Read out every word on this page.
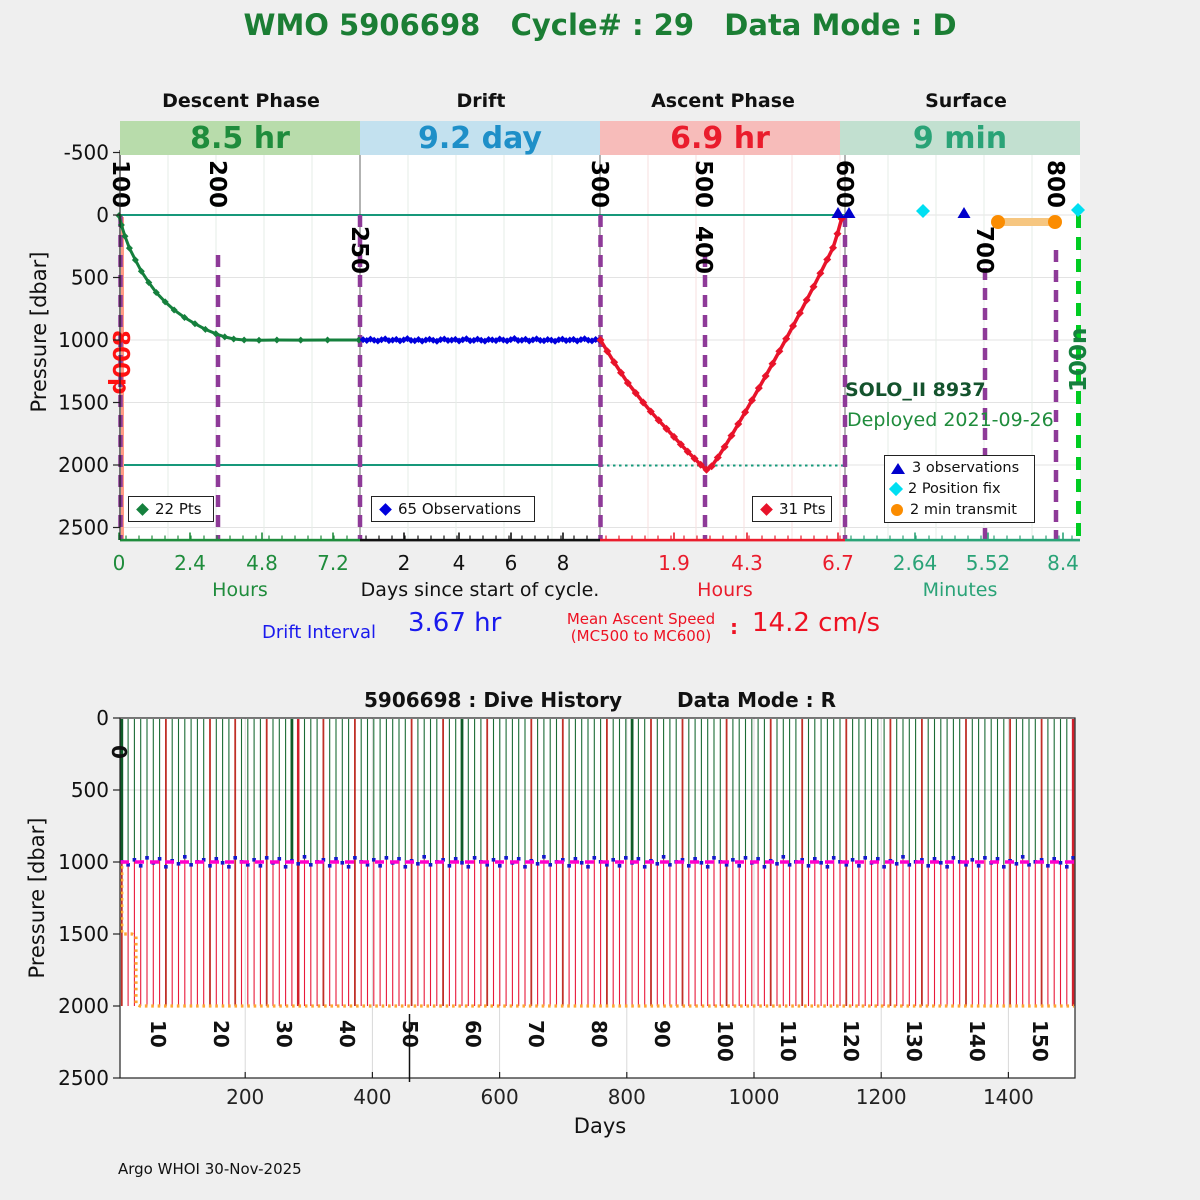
100	200
250
300	500
400
600
700
800
800p	100n
0 2.4 4.8 7.2
Hours
2 4 6 8
Days since start of cycle.
1.9 4.3	6.7
Hours
2.64 5.52 8.4
Minutes
-500
0
500
1000
1500
2000
2500
Pressure [dbar]
0
500
1000
1500
2000
2500
0
10 20 30 40 50 60 70 80 90 100 110 120 130 140 150
200	400	600	800	1000	1200	1400
Days
Pressure [dbar]
WMO 5906698   Cycle# : 29   Data Mode : D
Descent Phase	Drift	Ascent Phase	Surface
8.5 hr	9.2 day	6.9 hr	9 min
SOLO_II 8937
Deployed 2021-09-26
22 Pts	65 Observations	31 Pts
3 observations
2 Position fix
2 min transmit
Drift Interval 3.67 hr	Mean Ascent Speed
(MC500 to MC600) : 14.2 cm/s
5906698 : Dive History	Data Mode : R
Argo WHOI 30-Nov-2025
